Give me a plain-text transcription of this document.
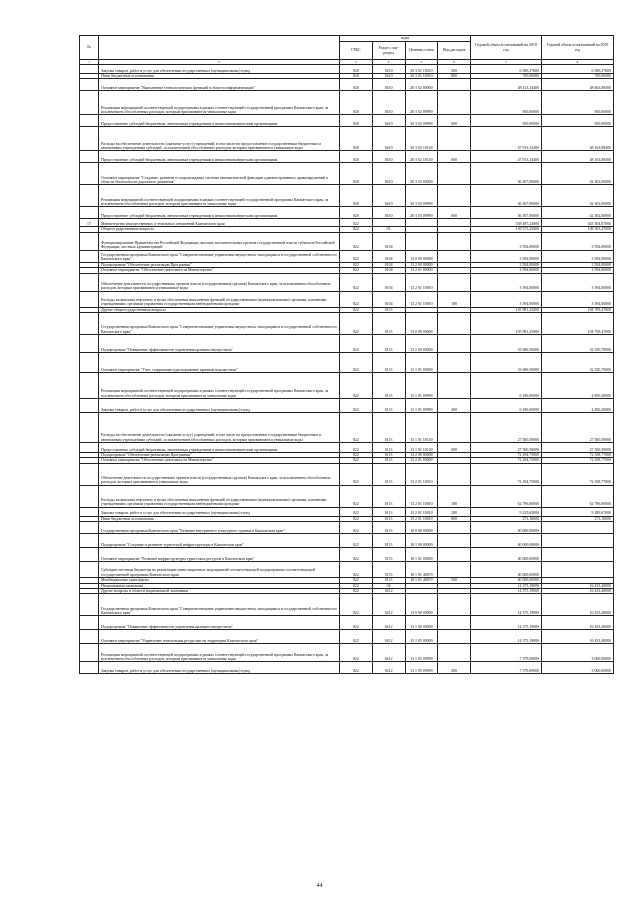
№		коды				Годовой объем ассигнований на 2018 год	Годовой объем ассигнований на 2019 год
		ГРБС	Раздел, под-раздел	Целевая статья	Вид расходов		
1	2	3	4	5	6	7	8
	Закупка товаров, работ и услуг для обеспечения государственных (муниципальных) нужд	820	0410	20 3 01 10010	200	6 080,27600	6 080,27600
	Иные бюджетные ассигнования	820	0410	20 3 01 10010	800	700,00000	700,00000
	Основное мероприятие "Выполнение технологических функций в области информатизации"	820	0410	20 3 02 00000		48 413,34400	48 663,88400
	Реализация мероприятий соответствующей подпрограммы в рамках соответствующей государственной программы Камчатского края, за исключением обособленных расходов, которым присваиваются уникальные коды	820	0410	20 3 02 09990		500,00000	500,00000
	Предоставление субсидий бюджетным, автономным учреждениям и иным некоммерческим организациям	820	0410	20 3 02 09990	600	500,00000	500,00000
	Расходы на обеспечение деятельности (оказание услуг) учреждений, в том числе на предоставление государственным бюджетным и автономным учреждениям субсидий, за исключением обособленных расходов, которым присваиваются уникальные коды	820	0410	20 3 02 10140		47 913,34400	48 163,88400
	Предоставление субсидий бюджетным, автономным учреждениям и иным некоммерческим организациям	820	0410	20 3 02 10140	600	47 913,34400	48 163,88400
	Основное мероприятие "Создание, развитие и сопровождение системы автоматической фиксации административных правонарушений в области безопасности дорожного движения"	820	0410	20 3 03 00000		36 307,00000	42 302,00000
	Реализация мероприятий соответствующей подпрограммы в рамках соответствующей государственной программы Камчатского края, за исключением обособленных расходов, которым присваиваются уникальные коды	820	0410	20 3 03 09990		36 307,00000	42 302,00000
	Предоставление субсидий бюджетным, автономным учреждениям и иным некоммерческим организациям	820	0410	20 3 03 09990	600	36 307,00000	42 302,00000
17	Министерство имущественных и земельных отношений Камчатского края	822				538 487,24000	443 504,87000
	Общегосударственные вопросы	822	01			149 575,25000	108 303,47000
	Функционирование Правительства Российской Федерации, высших исполнительных органов государственной власти субъектов Российской Федерации, местных администраций	822	0104			3 594,00000	3 594,00000
	Государственная программа Камчатского края "Совершенствование управления имуществом, находящимся в государственной собственности Камчатского края"	822	0104	13 0 00 00000		3 594,00000	3 594,00000
	Подпрограмма "Обеспечение реализации Программы"	822	0104	13 2 00 00000		3 594,00000	3 594,00000
	Основное мероприятие "Обеспечение деятельности Министерства"	822	0104	13 2 01 00000		3 594,00000	3 594,00000
	Обеспечение деятельности государственных органов власти (государственных органов) Камчатского края, за исключением обособленных расходов, которым присваиваются уникальные коды	822	0104	13 2 01 10010		3 594,00000	3 594,00000
	Расходы на выплаты персоналу в целях обеспечения выполнения функций государственными (муниципальными) органами, казенными учреждениями, органами управления государственными внебюджетными фондами	822	0104	13 2 01 10010	100	3 594,00000	3 594,00000
	Другие общегосударственные вопросы	822	0113			145 981,25000	104 709,47000
	Государственная программа Камчатского края "Совершенствование управления имуществом, находящимся в государственной собственности Камчатского края"	822	0113	13 0 00 00000		105 981,25000	104 709,47000
	Подпрограмма "Повышение эффективности управления краевым имуществом"	822	0113	13 1 00 00000		33 686,50000	32 350,70000
	Основное мероприятие "Учет, содержание и распоряжение краевым имуществом"	822	0113	13 1 01 00000		33 686,50000	32 350,70000
	Реализация мероприятий соответствующей подпрограммы в рамках соответствующей государственной программы Камчатского края, за исключением обособленных расходов, которым присваиваются уникальные коды	822	0113	13 1 01 09990		6 186,00000	4 850,20000
	Закупка товаров, работ и услуг для обеспечения государственных (муниципальных) нужд	822	0113	13 1 01 09990	200	6 186,00000	4 850,20000
	Расходы на обеспечение деятельности (оказание услуг) учреждений, в том числе на предоставление государственным бюджетным и автономным учреждениям субсидий, за исключением обособленных расходов, которым присваиваются уникальные коды	822	0113	13 1 01 10140		27 500,50000	27 500,50000
	Предоставление субсидий бюджетным, автономным учреждениям и иным некоммерческим организациям	822	0113	13 1 01 10140	600	27 500,50000	27 500,50000
	Подпрограмма "Обеспечение реализации Программы"	822	0113	13 2 00 00000		72 294,75000	72 358,77000
	Основное мероприятие "Обеспечение деятельности Министерства"	822	0113	13 2 01 00000		72 294,75000	72 358,77000
	Обеспечение деятельности государственных органов власти (государственных органов) Камчатского края, за исключением обособленных расходов, которым присваиваются уникальные коды	822	0113	13 2 01 10010		72 294,75000	72 358,77000
	Расходы на выплаты персоналу в целях обеспечения выполнения функций государственными (муниципальными) органами, казенными учреждениями, органами управления государственными внебюджетными фондами	822	0113	13 2 01 10010	100	62 796,00000	62 796,00000
	Закупка товаров, работ и услуг для обеспечения государственных (муниципальных) нужд	822	0113	13 2 01 10010	200	9 225,65000	9 289,67000
	Иные бюджетные ассигнования	822	0113	13 2 01 10010	800	273,10000	273,10000
	Государственная программа Камчатского края "Развитие внутреннего и въездного туризма в Камчатском крае"	822	0113	18 0 00 00000		40 000,00000	
	Подпрограмма "Создание и развитие туристской инфраструктуры в Камчатском крае"	822	0113	18 1 00 00000		40 000,00000	
	Основное мероприятие "Развитие инфраструктуры туристских ресурсов в Камчатском крае"	822	0113	18 1 01 00000		40 000,00000	
	Субсидии местным бюджетам на реализацию инвестиционных мероприятий соответствующей подпрограммы соответствующей государственной программы Камчатского края	822	0113	18 1 01 40070		40 000,00000	
	Межбюджетные трансферты	822	0113	18 1 01 40070	500	40 000,00000	
	Национальная экономика	822	04			14 375,19000	16 433,40000
	Другие вопросы в области национальной экономики	822	0412			14 375,19000	16 433,40000
	Государственная программа Камчатского края "Совершенствование управления имуществом, находящимся в государственной собственности Камчатского края"	822	0412	13 0 00 00000		14 375,19000	16 433,40000
	Подпрограмма "Повышение эффективности управления краевым имуществом"	822	0412	13 1 00 00000		14 375,19000	16 433,40000
	Основное мероприятие "Управление земельными ресурсами на территории Камчатского края"	822	0412	13 1 05 00000		14 375,19000	16 433,40000
	Реализация мероприятий соответствующей подпрограммы в рамках соответствующей государственной программы Камчатского края, за исключением обособленных расходов, которым присваиваются уникальные коды	822	0412	13 1 05 09990		7 579,69000	3 000,00000
	Закупка товаров, работ и услуг для обеспечения государственных (муниципальных) нужд	822	0412	13 1 05 09990	200	7 579,69000	3 000,00000
44
